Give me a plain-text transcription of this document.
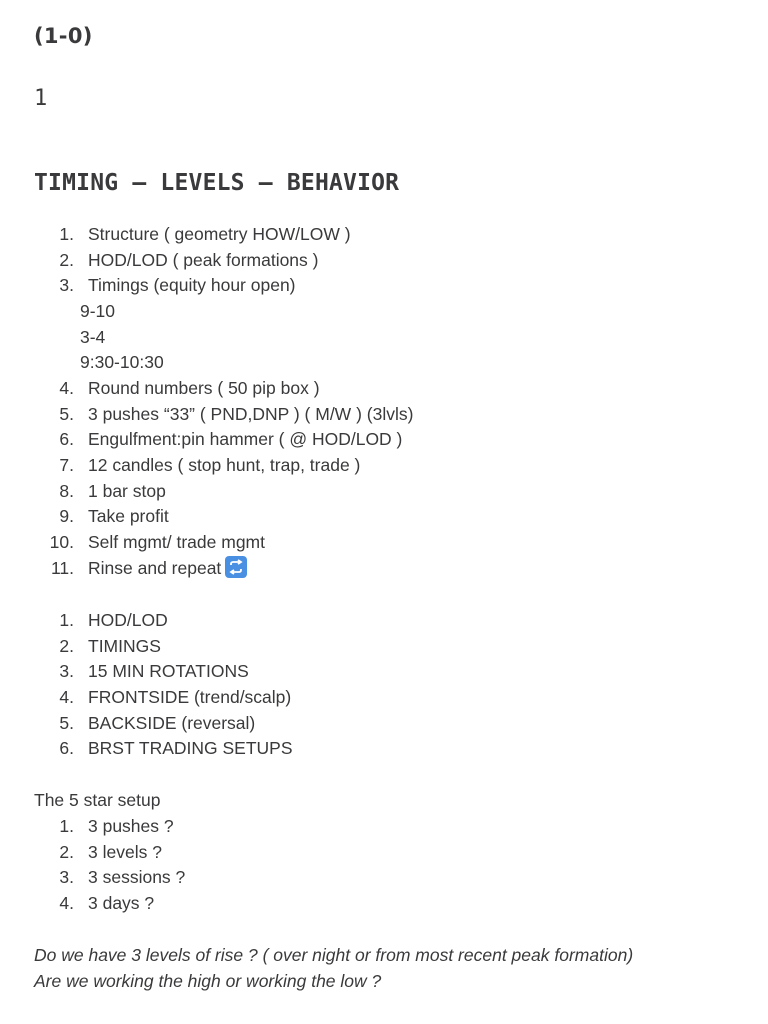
(1-0)
1
TIMING – LEVELS – BEHAVIOR
1. Structure ( geometry HOW/LOW )
2. HOD/LOD ( peak formations )
3. Timings (equity hour open)
9-10
3-4
9:30-10:30
4. Round numbers ( 50 pip box )
5. 3 pushes “33” ( PND,DNP ) ( M/W ) (3lvls)
6. Engulfment:pin hammer ( @ HOD/LOD )
7. 12 candles ( stop hunt, trap, trade )
8. 1 bar stop
9. Take profit
10. Self mgmt/ trade mgmt
11. Rinse and repeat
1. HOD/LOD
2. TIMINGS
3. 15 MIN ROTATIONS
4. FRONTSIDE (trend/scalp)
5. BACKSIDE (reversal)
6. BRST TRADING SETUPS
The 5 star setup
1. 3 pushes ?
2. 3 levels ?
3. 3 sessions ?
4. 3 days ?
Do we have 3 levels of rise ? ( over night or from most recent peak formation)
Are we working the high or working the low ?
